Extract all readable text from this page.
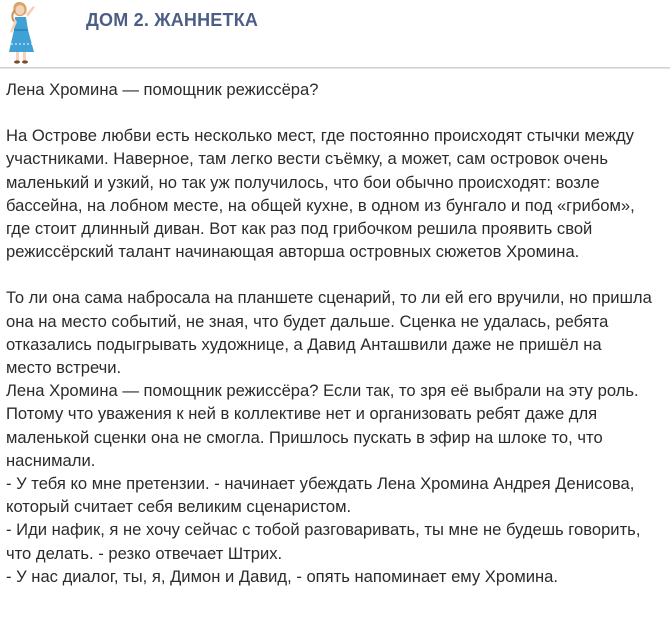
ДОМ 2. ЖАННЕТКА

Лена Хромина — помощник режиссёра?

На Острове любви есть несколько мест, где постоянно происходят стычки между

участниками. Наверное, там легко вести съёмку, а может, сам островок очень

маленький и узкий, но так уж получилось, что бои обычно происходят: возле

бассейна, на лобном месте, на общей кухне, в одном из бунгало и под «грибом»,

где стоит длинный диван. Вот как раз под грибочком решила проявить свой

режиссёрский талант начинающая авторша островных сюжетов Хромина.

То ли она сама набросала на планшете сценарий, то ли ей его вручили, но пришла

она на место событий, не зная, что будет дальше. Сценка не удалась, ребята

отказались подыгрывать художнице, а Давид Анташвили даже не пришёл на

место встречи.

Лена Хромина — помощник режиссёра? Если так, то зря её выбрали на эту роль.

Потому что уважения к ней в коллективе нет и организовать ребят даже для

маленькой сценки она не смогла. Пришлось пускать в эфир на шлоке то, что

наснимали.

- У тебя ко мне претензии. - начинает убеждать Лена Хромина Андрея Денисова,

который считает себя великим сценаристом.

- Иди нафик, я не хочу сейчас с тобой разговаривать, ты мне не будешь говорить,

что делать. - резко отвечает Штрих.

- У нас диалог, ты, я, Димон и Давид, - опять напоминает ему Хромина.
